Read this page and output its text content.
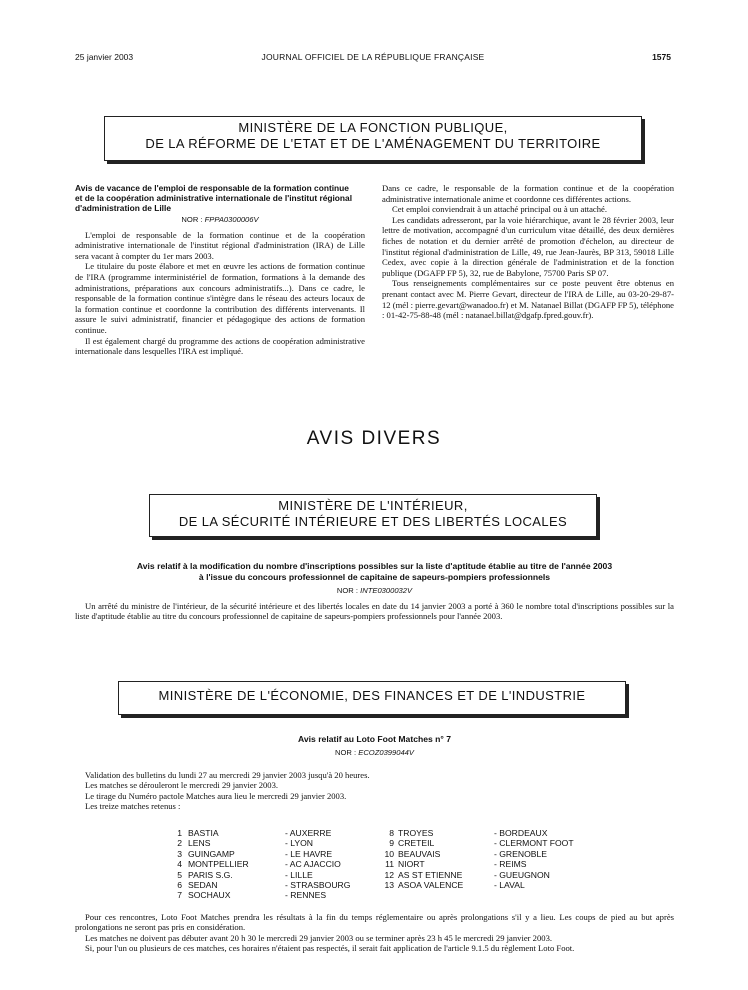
25 janvier 2003	JOURNAL OFFICIEL DE LA RÉPUBLIQUE FRANÇAISE	1575
MINISTÈRE DE LA FONCTION PUBLIQUE,
DE LA RÉFORME DE L'ETAT ET DE L'AMÉNAGEMENT DU TERRITOIRE
Avis de vacance de l'emploi de responsable de la formation continue et de la coopération administrative internationale de l'institut régional d'administration de Lille
NOR : FPPA0300006V

L'emploi de responsable de la formation continue et de la coopération administrative internationale de l'institut régional d'administration (IRA) de Lille sera vacant à compter du 1er mars 2003.

Le titulaire du poste élabore et met en œuvre les actions de formation continue de l'IRA (programme interministériel de formation, formations à la demande des administrations, préparations aux concours administratifs...). Dans ce cadre, le responsable de la formation continue s'intègre dans le réseau des acteurs locaux de la formation continue et coordonne la contribution des différents intervenants. Il assure le suivi administratif, financier et pédagogique des actions de formation continue.

Il est également chargé du programme des actions de coopération administrative internationale dans lesquelles l'IRA est impliqué.

Dans ce cadre, le responsable de la formation continue et de la coopération administrative internationale anime et coordonne ces différentes actions.

Cet emploi conviendrait à un attaché principal ou à un attaché.

Les candidats adresseront, par la voie hiérarchique, avant le 28 février 2003, leur lettre de motivation, accompagné d'un curriculum vitae détaillé, des deux dernières fiches de notation et du dernier arrêté de promotion d'échelon, au directeur de l'institut régional d'administration de Lille, 49, rue Jean-Jaurès, BP 313, 59018 Lille Cedex, avec copie à la direction générale de l'administration et de la fonction publique (DGAFP FP 5), 32, rue de Babylone, 75700 Paris SP 07.

Tous renseignements complémentaires sur ce poste peuvent être obtenus en prenant contact avec M. Pierre Gevart, directeur de l'IRA de Lille, au 03-20-29-87-12 (mél : pierre.gevart@wanadoo.fr) et M. Natanael Billat (DGAFP FP 5), téléphone : 01-42-75-88-48 (mél : natanael.billat@dgafp.fpred.gouv.fr).

AVIS DIVERS
MINISTÈRE DE L'INTÉRIEUR,
DE LA SÉCURITÉ INTÉRIEURE ET DES LIBERTÉS LOCALES
Avis relatif à la modification du nombre d'inscriptions possibles sur la liste d'aptitude établie au titre de l'année 2003
à l'issue du concours professionnel de capitaine de sapeurs-pompiers professionnels
NOR : INTE0300032V

Un arrêté du ministre de l'intérieur, de la sécurité intérieure et des libertés locales en date du 14 janvier 2003 a porté à 360 le nombre total d'inscriptions possibles sur la liste d'aptitude établie au titre du concours professionnel de capitaine de sapeurs-pompiers professionnels pour l'année 2003.

MINISTÈRE DE L'ÉCONOMIE, DES FINANCES ET DE L'INDUSTRIE
Avis relatif au Loto Foot Matches n° 7
NOR : ECOZ0399044V
Validation des bulletins du lundi 27 au mercredi 29 janvier 2003 jusqu'à 20 heures.
Les matches se dérouleront le mercredi 29 janvier 2003.
Le tirage du Numéro pactole Matches aura lieu le mercredi 29 janvier 2003.
Les treize matches retenus :
1 BASTIA	- AUXERRE	8 TROYES	- BORDEAUX
2 LENS	- LYON	9 CRETEIL	- CLERMONT FOOT
3 GUINGAMP	- LE HAVRE	10 BEAUVAIS	- GRENOBLE
4 MONTPELLIER	- AC AJACCIO	11 NIORT	- REIMS
5 PARIS S.G.	- LILLE	12 AS ST ETIENNE	- GUEUGNON
6 SEDAN	- STRASBOURG	13 ASOA VALENCE	- LAVAL
7 SOCHAUX	- RENNES

Pour ces rencontres, Loto Foot Matches prendra les résultats à la fin du temps réglementaire ou après prolongations s'il y a lieu. Les coups de pied au but après prolongations ne seront pas pris en considération.

Les matches ne doivent pas débuter avant 20 h 30 le mercredi 29 janvier 2003 ou se terminer après 23 h 45 le mercredi 29 janvier 2003.

Si, pour l'un ou plusieurs de ces matches, ces horaires n'étaient pas respectés, il serait fait application de l'article 9.1.5 du règlement Loto Foot.
